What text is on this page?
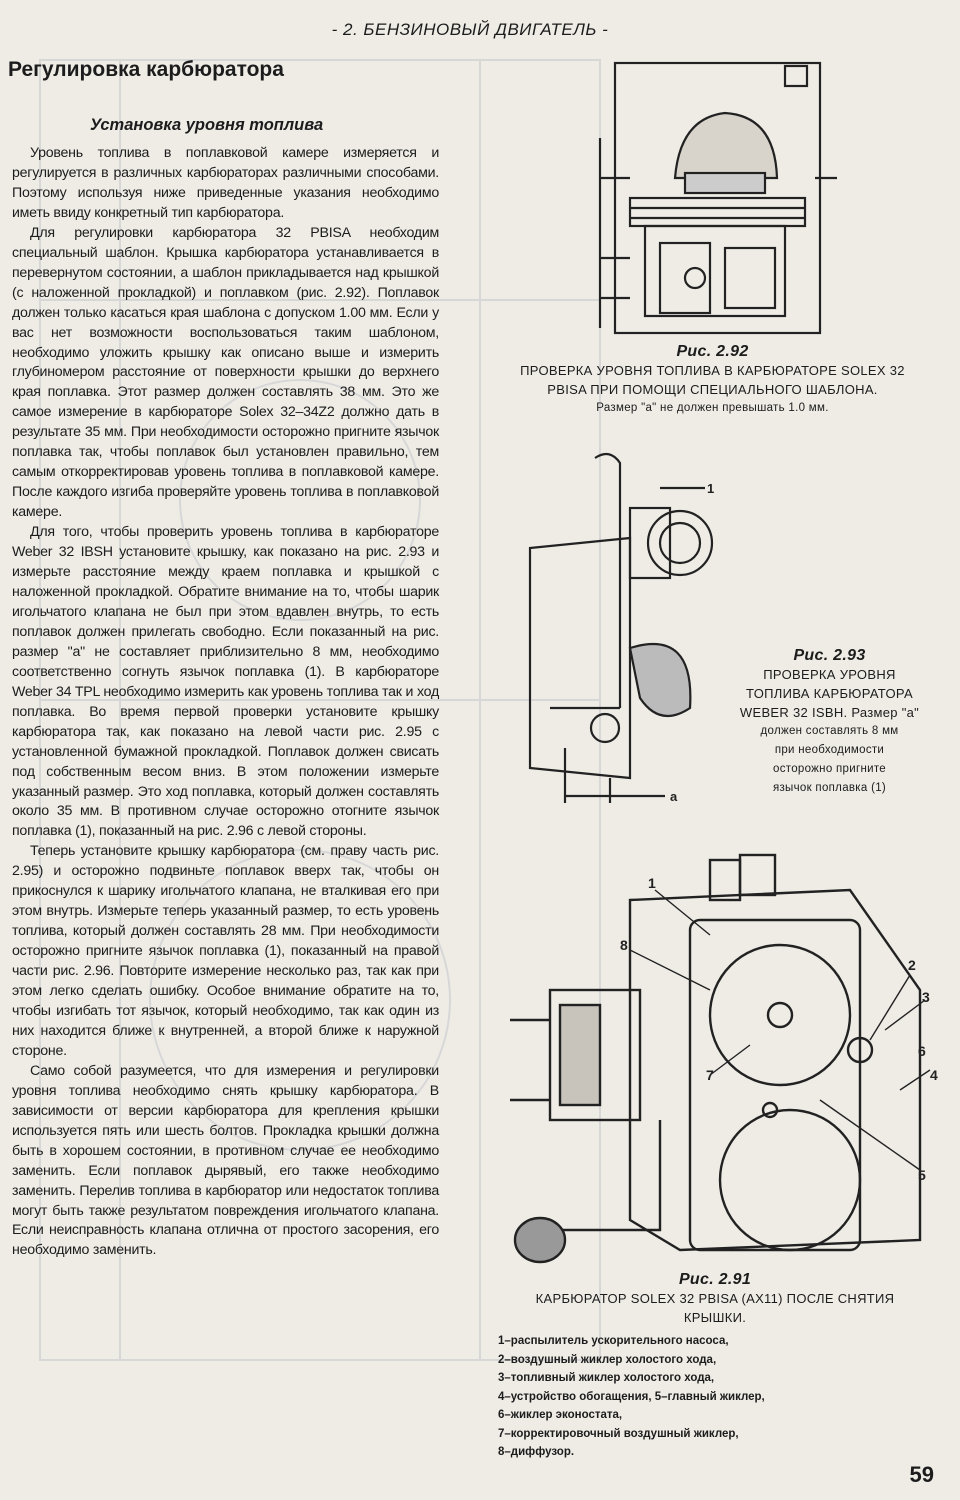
- 2. БЕНЗИНОВЫЙ ДВИГАТЕЛЬ -
Регулировка карбюратора
Установка уровня топлива

Уровень топлива в поплавковой камере измеряется и регулируется в различных карбюраторах различными способами. Поэтому используя ниже приведенные указания необходимо иметь ввиду конкретный тип карбюратора.

Для регулировки карбюратора 32 PBISA необходим специальный шаблон. Крышка карбюратора устанавливается в перевернутом состоянии, а шаблон прикладывается над крышкой (с наложенной прокладкой) и поплавком (рис. 2.92). Поплавок должен только касаться края шаблона с допуском 1.00 мм. Если у вас нет возможности воспользоваться таким шаблоном, необходимо уложить крышку как описано выше и измерить глубиномером расстояние от поверхности крышки до верхнего края поплавка. Этот размер должен составлять 38 мм. Это же самое измерение в карбюраторе Solex 32–34Z2 должно дать в результате 35 мм. При необходимости осторожно пригните язычок поплавка так, чтобы поплавок был установлен правильно, тем самым откорректировав уровень топлива в поплавковой камере. После каждого изгиба проверяйте уровень топлива в поплавковой камере.

Для того, чтобы проверить уровень топлива в карбюраторе Weber 32 IBSH установите крышку, как показано на рис. 2.93 и измерьте расстояние между краем поплавка и крышкой с наложенной прокладкой. Обратите внимание на то, чтобы шарик игольчатого клапана не был при этом вдавлен внутрь, то есть поплавок должен прилегать свободно. Если показанный на рис. размер "a" не составляет приблизительно 8 мм, необходимо соответственно согнуть язычок поплавка (1). В карбюраторе Weber 34 TPL необходимо измерить как уровень топлива так и ход поплавка. Во время первой проверки установите крышку карбюратора так, как показано на левой части рис. 2.95 с установленной бумажной прокладкой. Поплавок должен свисать под собственным весом вниз. В этом положении измерьте указанный размер. Это ход поплавка, который должен составлять около 35 мм. В противном случае осторожно отогните язычок поплавка (1), показанный на рис. 2.96 с левой стороны.

Теперь установите крышку карбюратора (см. праву часть рис. 2.95) и осторожно подвиньте поплавок вверх так, чтобы он прикоснулся к шарику игольчатого клапана, не вталкивая его при этом внутрь. Измерьте теперь указанный размер, то есть уровень топлива, который должен составлять 28 мм. При необходимости осторожно пригните язычок поплавка (1), показанный на правой части рис. 2.96. Повторите измерение несколько раз, так как при этом легко сделать ошибку. Особое внимание обратите на то, чтобы изгибать тот язычок, который необходимо, так как один из них находится ближе к внутренней, а второй ближе к наружной стороне.

Само собой разумеется, что для измерения и регулировки уровня топлива необходимо снять крышку карбюратора. В зависимости от версии карбюратора для крепления крышки используется пять или шесть болтов. Прокладка крышки должна быть в хорошем состоянии, в противном случае ее необходимо заменить. Если поплавок дырявый, его также необходимо заменить. Перелив топлива в карбюратор или недостаток топлива могут быть также результатом повреждения игольчатого клапана. Если неисправность клапана отлична от простого засорения, его необходимо заменить.

Рис. 2.92
ПРОВЕРКА УРОВНЯ ТОПЛИВА В КАРБЮРАТОРЕ SOLEX 32
PBISA ПРИ ПОМОЩИ СПЕЦИАЛЬНОГО ШАБЛОНА.
Размер "a" не должен превышать 1.0 мм.
1
a
Рис. 2.93
ПРОВЕРКА УРОВНЯ
ТОПЛИВА КАРБЮРАТОРА
WEBER 32 ISBH. Размер "a"
должен составлять 8 мм
при необходимости
осторожно пригните
язычок поплавка (1)
1
2
3
4
5
6
7
8
Рис. 2.91
КАРБЮРАТОР SOLEX 32 PBISA (AX11) ПОСЛЕ СНЯТИЯ
КРЫШКИ.
1–распылитель ускорительного насоса,
2–воздушный жиклер холостого хода,
3–топливный жиклер холостого хода,
4–устройство обогащения, 5–главный жиклер,
6–жиклер эконостата,
7–корректировочный воздушный жиклер,
8–диффузор.
59
